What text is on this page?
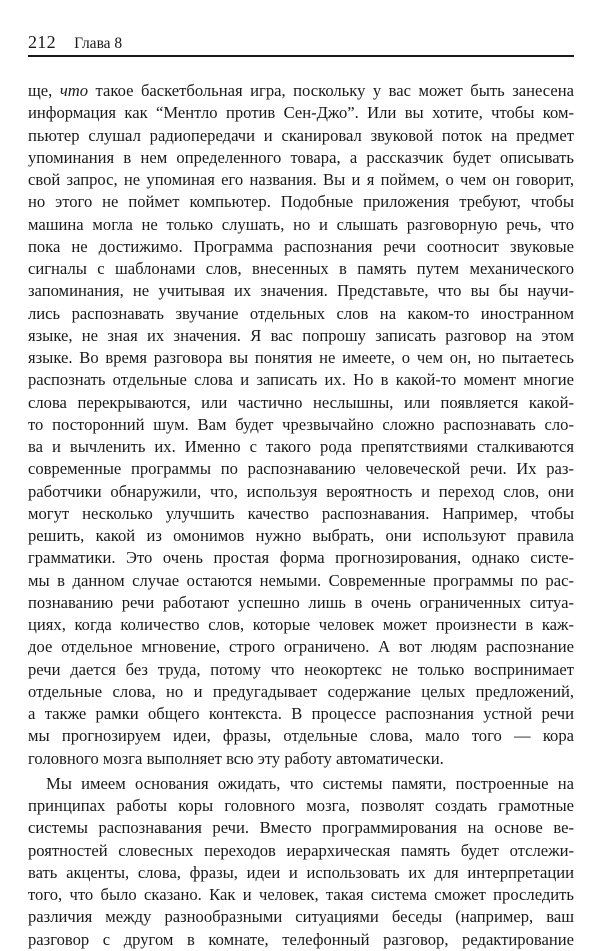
212 Глава 8

ще, что такое баскетбольная игра, поскольку у вас может быть занесена
информация как “Ментло против Сен-Джо”. Или вы хотите, чтобы ком-
пьютер слушал радиопередачи и сканировал звуковой поток на предмет
упоминания в нем определенного товара, а рассказчик будет описывать
свой запрос, не упоминая его названия. Вы и я поймем, о чем он говорит,
но этого не поймет компьютер. Подобные приложения требуют, чтобы
машина могла не только слушать, но и слышать разговорную речь, что
пока не достижимо. Программа распознания речи соотносит звуковые
сигналы с шаблонами слов, внесенных в память путем механического
запоминания, не учитывая их значения. Представьте, что вы бы научи-
лись распознавать звучание отдельных слов на каком-то иностранном
языке, не зная их значения. Я вас попрошу записать разговор на этом
языке. Во время разговора вы понятия не имеете, о чем он, но пытаетесь
распознать отдельные слова и записать их. Но в какой-то момент многие
слова перекрываются, или частично неслышны, или появляется какой-
то посторонний шум. Вам будет чрезвычайно сложно распознавать сло-
ва и вычленить их. Именно с такого рода препятствиями сталкиваются
современные программы по распознаванию человеческой речи. Их раз-
работчики обнаружили, что, используя вероятность и переход слов, они
могут несколько улучшить качество распознавания. Например, чтобы
решить, какой из омонимов нужно выбрать, они используют правила
грамматики. Это очень простая форма прогнозирования, однако систе-
мы в данном случае остаются немыми. Современные программы по рас-
познаванию речи работают успешно лишь в очень ограниченных ситуа-
циях, когда количество слов, которые человек может произнести в каж-
дое отдельное мгновение, строго ограничено. А вот людям распознание
речи дается без труда, потому что неокортекс не только воспринимает
отдельные слова, но и предугадывает содержание целых предложений,
а также рамки общего контекста. В процессе распознания устной речи
мы прогнозируем идеи, фразы, отдельные слова, мало того — кора
головного мозга выполняет всю эту работу автоматически.

Мы имеем основания ожидать, что системы памяти, построенные на
принципах работы коры головного мозга, позволят создать грамотные
системы распознавания речи. Вместо программирования на основе ве-
роятностей словесных переходов иерархическая память будет отслежи-
вать акценты, слова, фразы, идеи и использовать их для интерпретации
того, что было сказано. Как и человек, такая система сможет проследить
различия между разнообразными ситуациями беседы (например, ваш
разговор с другом в комнате, телефонный разговор, редактирование
